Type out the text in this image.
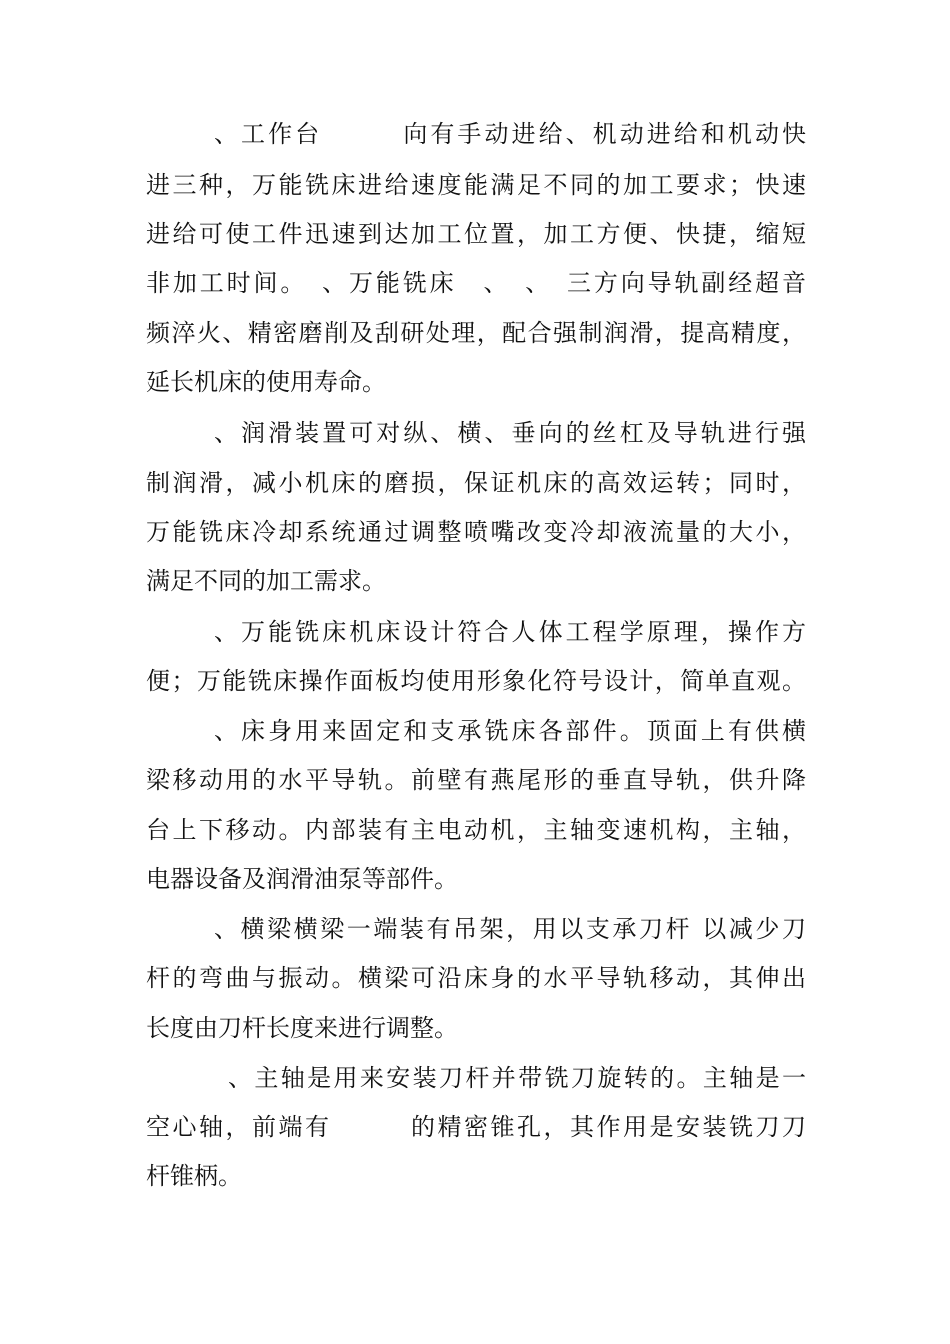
、工作台　　　向有手动进给、机动进给和机动快
进三种，万能铣床进给速度能满足不同的加工要求；快速
进给可使工件迅速到达加工位置，加工方便、快捷，缩短
非加工时间。　、万能铣床　、　、　三方向导轨副经超音
频淬火、精密磨削及刮研处理，配合强制润滑，提高精度，
延长机床的使用寿命。
、润滑装置可对纵、横、垂向的丝杠及导轨进行强
制润滑，减小机床的磨损，保证机床的高效运转；同时，
万能铣床冷却系统通过调整喷嘴改变冷却液流量的大小，
满足不同的加工需求。
、万能铣床机床设计符合人体工程学原理，操作方
便；万能铣床操作面板均使用形象化符号设计，简单直观。
、床身用来固定和支承铣床各部件。顶面上有供横
梁移动用的水平导轨。前壁有燕尾形的垂直导轨，供升降
台上下移动。内部装有主电动机，主轴变速机构，主轴，
电器设备及润滑油泵等部件。
、横梁横梁一端装有吊架，用以支承刀杆 以减少刀
杆的弯曲与振动。横梁可沿床身的水平导轨移动，其伸出
长度由刀杆长度来进行调整。
、主轴是用来安装刀杆并带铣刀旋转的。主轴是一
空心轴，前端有　　　的精密锥孔，其作用是安装铣刀刀
杆锥柄。
